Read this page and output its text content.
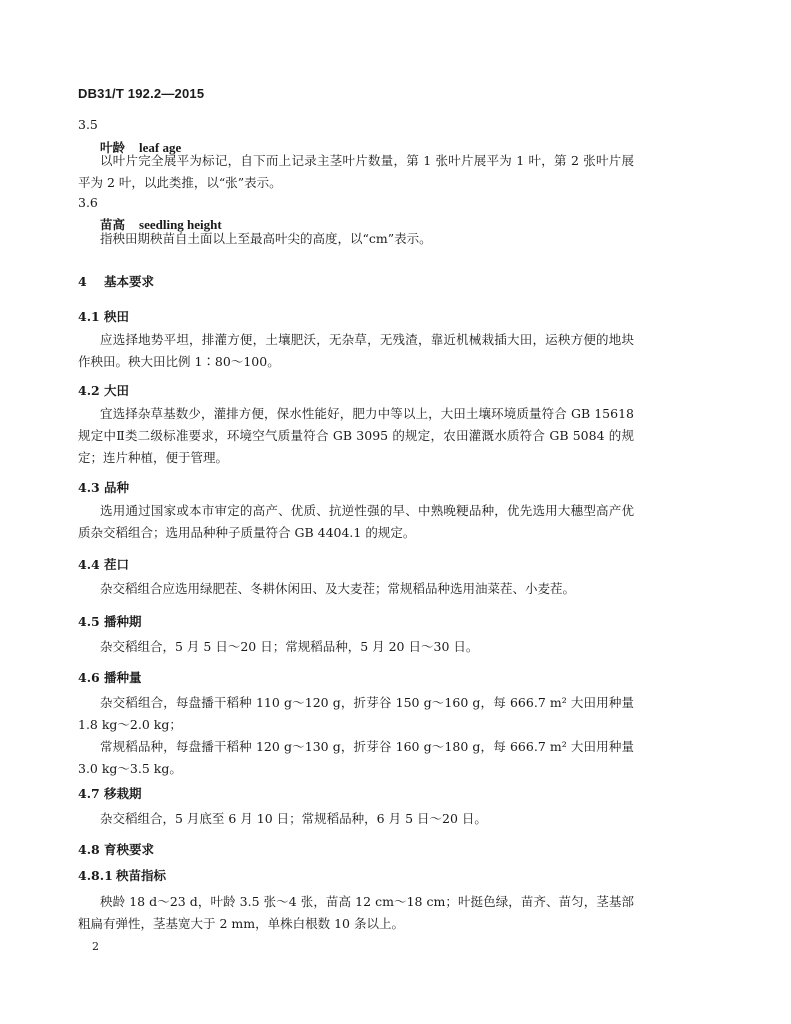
DB31/T 192.2—2015
3.5
叶龄 leaf age
以叶片完全展平为标记，自下而上记录主茎叶片数量，第 1 张叶片展平为 1 叶，第 2 张叶片展平为 2 叶，以此类推，以“张”表示。
3.6
苗高 seedling height
指秧田期秧苗自土面以上至最高叶尖的高度，以“cm”表示。
4 基本要求
4.1 秧田
应选择地势平坦，排灌方便，土壤肥沃，无杂草，无残渣，靠近机械栽插大田，运秧方便的地块作秧田。秧大田比例 1∶80～100。
4.2 大田
宜选择杂草基数少，灌排方便，保水性能好，肥力中等以上，大田土壤环境质量符合 GB 15618 规定中Ⅱ类二级标准要求，环境空气质量符合 GB 3095 的规定，农田灌溉水质符合 GB 5084 的规定；连片种植，便于管理。
4.3 品种
选用通过国家或本市审定的高产、优质、抗逆性强的早、中熟晚粳品种，优先选用大穗型高产优质杂交稻组合；选用品种种子质量符合 GB 4404.1 的规定。
4.4 茬口
杂交稻组合应选用绿肥茬、冬耕休闲田、及大麦茬；常规稻品种选用油菜茬、小麦茬。
4.5 播种期
杂交稻组合，5 月 5 日～20 日；常规稻品种，5 月 20 日～30 日。
4.6 播种量
杂交稻组合，每盘播干稻种 110 g～120 g，折芽谷 150 g～160 g，每 666.7 m² 大田用种量 1.8 kg～2.0 kg；
常规稻品种，每盘播干稻种 120 g～130 g，折芽谷 160 g～180 g，每 666.7 m² 大田用种量 3.0 kg～3.5 kg。
4.7 移栽期
杂交稻组合，5 月底至 6 月 10 日；常规稻品种，6 月 5 日～20 日。
4.8 育秧要求
4.8.1 秧苗指标
秧龄 18 d～23 d，叶龄 3.5 张～4 张，苗高 12 cm～18 cm；叶挺色绿，苗齐、苗匀，茎基部粗扁有弹性，茎基宽大于 2 mm，单株白根数 10 条以上。
2
